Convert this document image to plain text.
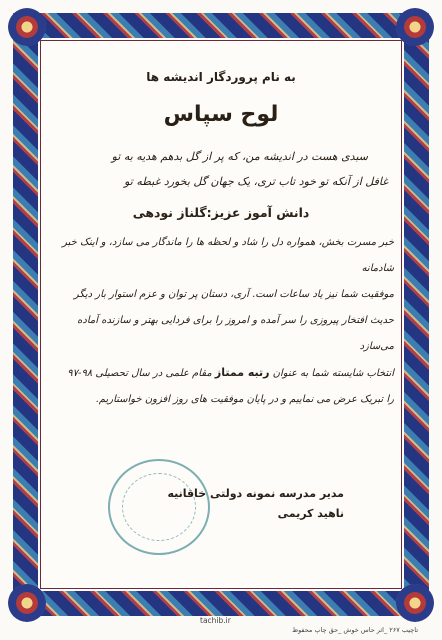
به نام پروردگار اندیشه ها
لوح سپاس
سبدی هست در اندیشه من، که پر از گل بدهم هدیه به تو
غافل از آنکه تو خود تاب تری، یک جهان گل بخورد غبطه تو
دانش آموز عزیز:گلناز نودهی
خبر مسرت بخش، همواره دل را شاد و لحظه ها را ماندگار می سازد، و اینک خبر شادمانه
موفقیت شما نیز یاد ساعات است. آری، دستان پر توان و عزم استوار بار دیگر
حدیث افتخار پیروزی را سر آمده و امروز را برای فردایی بهتر و سازنده آماده می‌سازد
انتخاب شایسته شما به عنوان رتبه ممتاز مقام علمی در سال تحصیلی ۹۸-۹۷
را تبریک عرض می نماییم و در پایان موفقیت های روز افزون خواستاریم.
مدیر مدرسه نمونه دولتی خاقانیه
ناهید کریمی
tachib.ir
تاچیب ۲۶۷ _اثر حاس خوش _حق چاپ محفوظ
